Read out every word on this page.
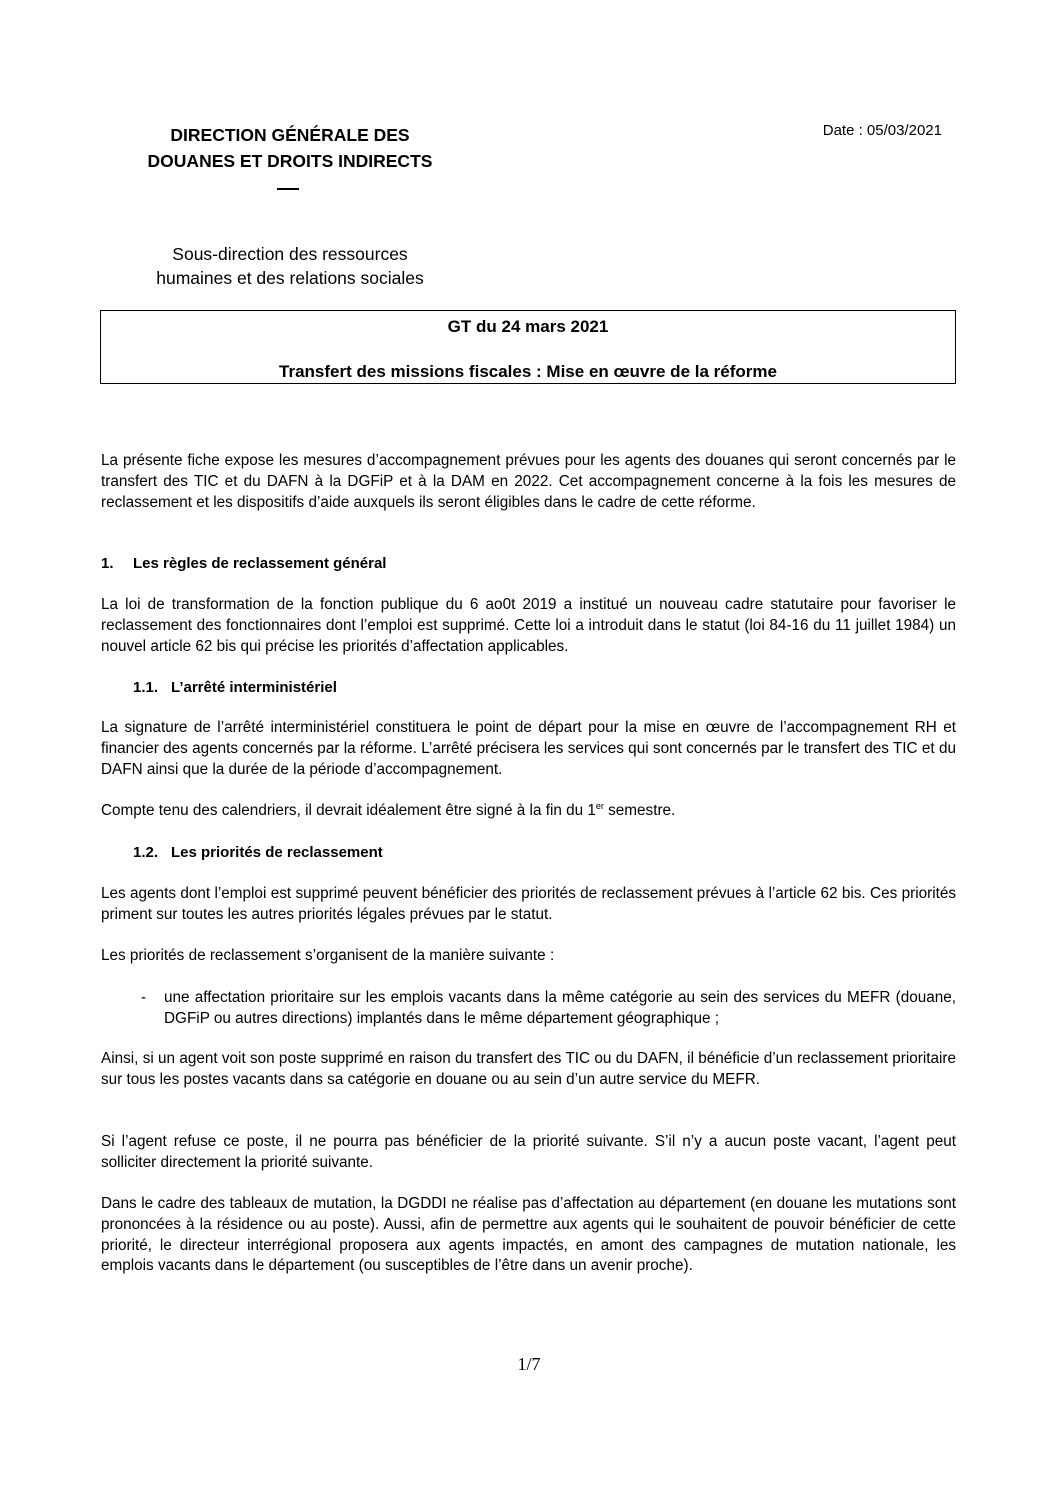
DIRECTION GÉNÉRALE DES
DOUANES ET DROITS INDIRECTS
Date : 05/03/2021
Sous-direction des ressources
humaines et des relations sociales
GT du 24 mars 2021
Transfert des missions fiscales : Mise en œuvre de la réforme
La présente fiche expose les mesures d’accompagnement prévues pour les agents des douanes qui seront concernés par le transfert des TIC et du DAFN à la DGFiP et à la DAM en 2022. Cet accompagnement concerne à la fois les mesures de reclassement et les dispositifs d’aide auxquels ils seront éligibles dans le cadre de cette réforme.
1. Les règles de reclassement général
La loi de transformation de la fonction publique du 6 ao0t 2019 a institué un nouveau cadre statutaire pour favoriser le reclassement des fonctionnaires dont l’emploi est supprimé. Cette loi a introduit dans le statut (loi 84-16 du 11 juillet 1984) un nouvel article 62 bis qui précise les priorités d’affectation applicables.
1.1. L’arrêté interministériel
La signature de l’arrêté interministériel constituera le point de départ pour la mise en œuvre de l’accompagnement RH et financier des agents concernés par la réforme. L’arrêté précisera les services qui sont concernés par le transfert des TIC et du DAFN ainsi que la durée de la période d’accompagnement.
Compte tenu des calendriers, il devrait idéalement être signé à la fin du 1er semestre.
1.2. Les priorités de reclassement
Les agents dont l’emploi est supprimé peuvent bénéficier des priorités de reclassement prévues à l’article 62 bis. Ces priorités priment sur toutes les autres priorités légales prévues par le statut.
Les priorités de reclassement s’organisent de la manière suivante :
- une affectation prioritaire sur les emplois vacants dans la même catégorie au sein des services du MEFR (douane, DGFiP ou autres directions) implantés dans le même département géographique ;
Ainsi, si un agent voit son poste supprimé en raison du transfert des TIC ou du DAFN, il bénéficie d’un reclassement prioritaire sur tous les postes vacants dans sa catégorie en douane ou au sein d’un autre service du MEFR.
Si l’agent refuse ce poste, il ne pourra pas bénéficier de la priorité suivante. S’il n’y a aucun poste vacant, l’agent peut solliciter directement la priorité suivante.
Dans le cadre des tableaux de mutation, la DGDDI ne réalise pas d’affectation au département (en douane les mutations sont prononcées à la résidence ou au poste). Aussi, afin de permettre aux agents qui le souhaitent de pouvoir bénéficier de cette priorité, le directeur interrégional proposera aux agents impactés, en amont des campagnes de mutation nationale, les emplois vacants dans le département (ou susceptibles de l’être dans un avenir proche).
1/7
